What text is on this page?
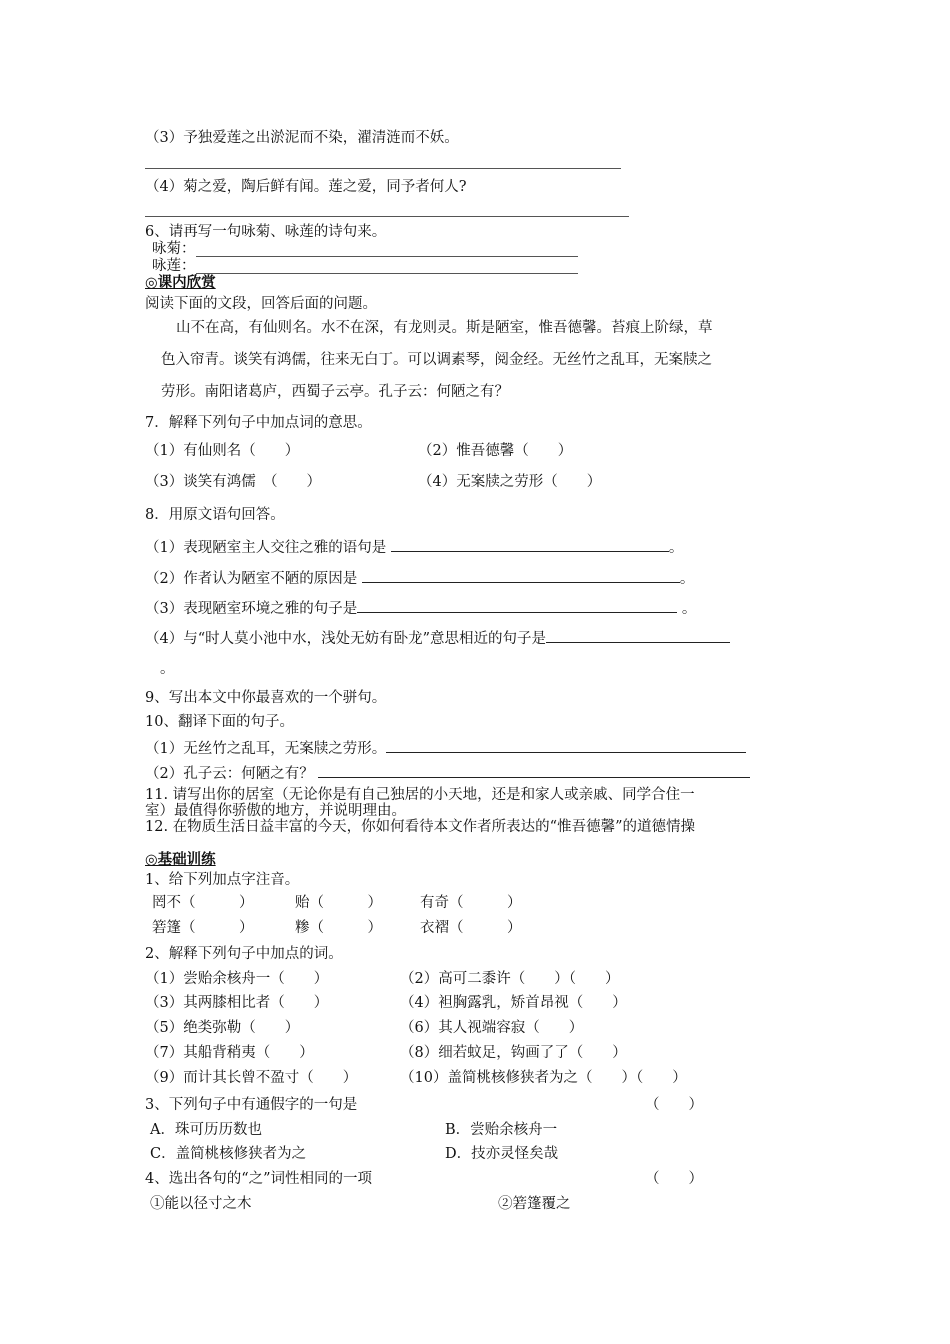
（3）予独爱莲之出淤泥而不染，濯清涟而不妖。
（4）菊之爱，陶后鲜有闻。莲之爱，同予者何人?
6、请再写一句咏菊、咏莲的诗句来。
咏菊：
咏莲：
◎课内欣赏
阅读下面的文段，回答后面的问题。
山不在高，有仙则名。水不在深，有龙则灵。斯是陋室，惟吾德馨。苔痕上阶绿，草
色入帘青。谈笑有鸿儒，往来无白丁。可以调素琴，阅金经。无丝竹之乱耳，无案牍之
劳形。南阳诸葛庐，西蜀子云亭。孔子云：何陋之有？
7．解释下列句子中加点词的意思。
（1）有仙则名（　　）	（2）惟吾德馨（　　）
（3）谈笑有鸿儒　（　　）	（4）无案牍之劳形（　　）
8．用原文语句回答。
（1）表现陋室主人交往之雅的语句是	。
（2）作者认为陋室不陋的原因是	。
（3）表现陋室环境之雅的句子是	。
（4）与“时人莫小池中水，浅处无妨有卧龙”意思相近的句子是
。
9、写出本文中你最喜欢的一个骈句。
10、翻译下面的句子。
（1）无丝竹之乱耳，无案牍之劳形。
（2）孔子云：何陋之有？
11. 请写出你的居室（无论你是有自己独居的小天地，还是和家人或亲戚、同学合住一
室）最值得你骄傲的地方，并说明理由。
12. 在物质生活日益丰富的今天，你如何看待本文作者所表达的“惟吾德馨”的道德情操
◎基础训练
1、给下列加点字注音。
罔不（　　　）	贻（　　　）	有奇（　　　）
箬篷（　　　）	糁（　　　）	衣褶（　　　）
2、解释下列句子中加点的词。
（1）尝贻余核舟一（　　）	（2）高可二黍许（　　）（　　）
（3）其两膝相比者（　　）	（4）袒胸露乳，矫首昂视（　　）
（5）绝类弥勒（　　）	（6）其人视端容寂（　　）
（7）其船背稍夷（　　）	（8）细若蚊足，钩画了了（　　）
（9）而计其长曾不盈寸（　　）	（10）盖简桃核修狭者为之（　　）（　　）
3、下列句子中有通假字的一句是	（　　）
A．珠可历历数也	B．尝贻余核舟一
C．盖简桃核修狭者为之	D．技亦灵怪矣哉
4、选出各句的“之”词性相同的一项	（　　）
①能以径寸之木	②箬篷覆之
